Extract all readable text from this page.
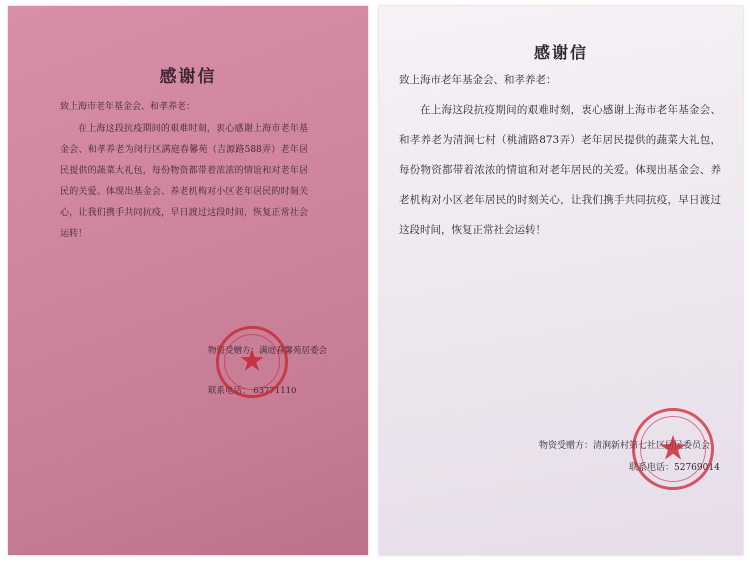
感谢信
致上海市老年基金会、和孝养老：
在上海这段抗疫期间的艰难时刻，衷心感谢上海市老年基金会、和孝养老为闵行区满庭春馨苑（吉源路588弄）老年居民提供的蔬菜大礼包，每份物资都带着浓浓的情谊和对老年居民的关爱。体现出基金会、养老机构对小区老年居民的时刻关心，让我们携手共同抗疫，早日渡过这段时间，恢复正常社会运转！
物资受赠方：满庭春馨苑居委会
联系电话： 63771110
★
感谢信
致上海市老年基金会、和孝养老：
在上海这段抗疫期间的艰难时刻，衷心感谢上海市老年基金会、和孝养老为清涧七村（桃浦路873弄）老年居民提供的蔬菜大礼包，每份物资都带着浓浓的情谊和对老年居民的关爱。体现出基金会、养老机构对小区老年居民的时刻关心，让我们携手共同抗疫，早日渡过这段时间，恢复正常社会运转！
物资受赠方：清涧新村第七社区居民委员会
联系电话：52769014
★
